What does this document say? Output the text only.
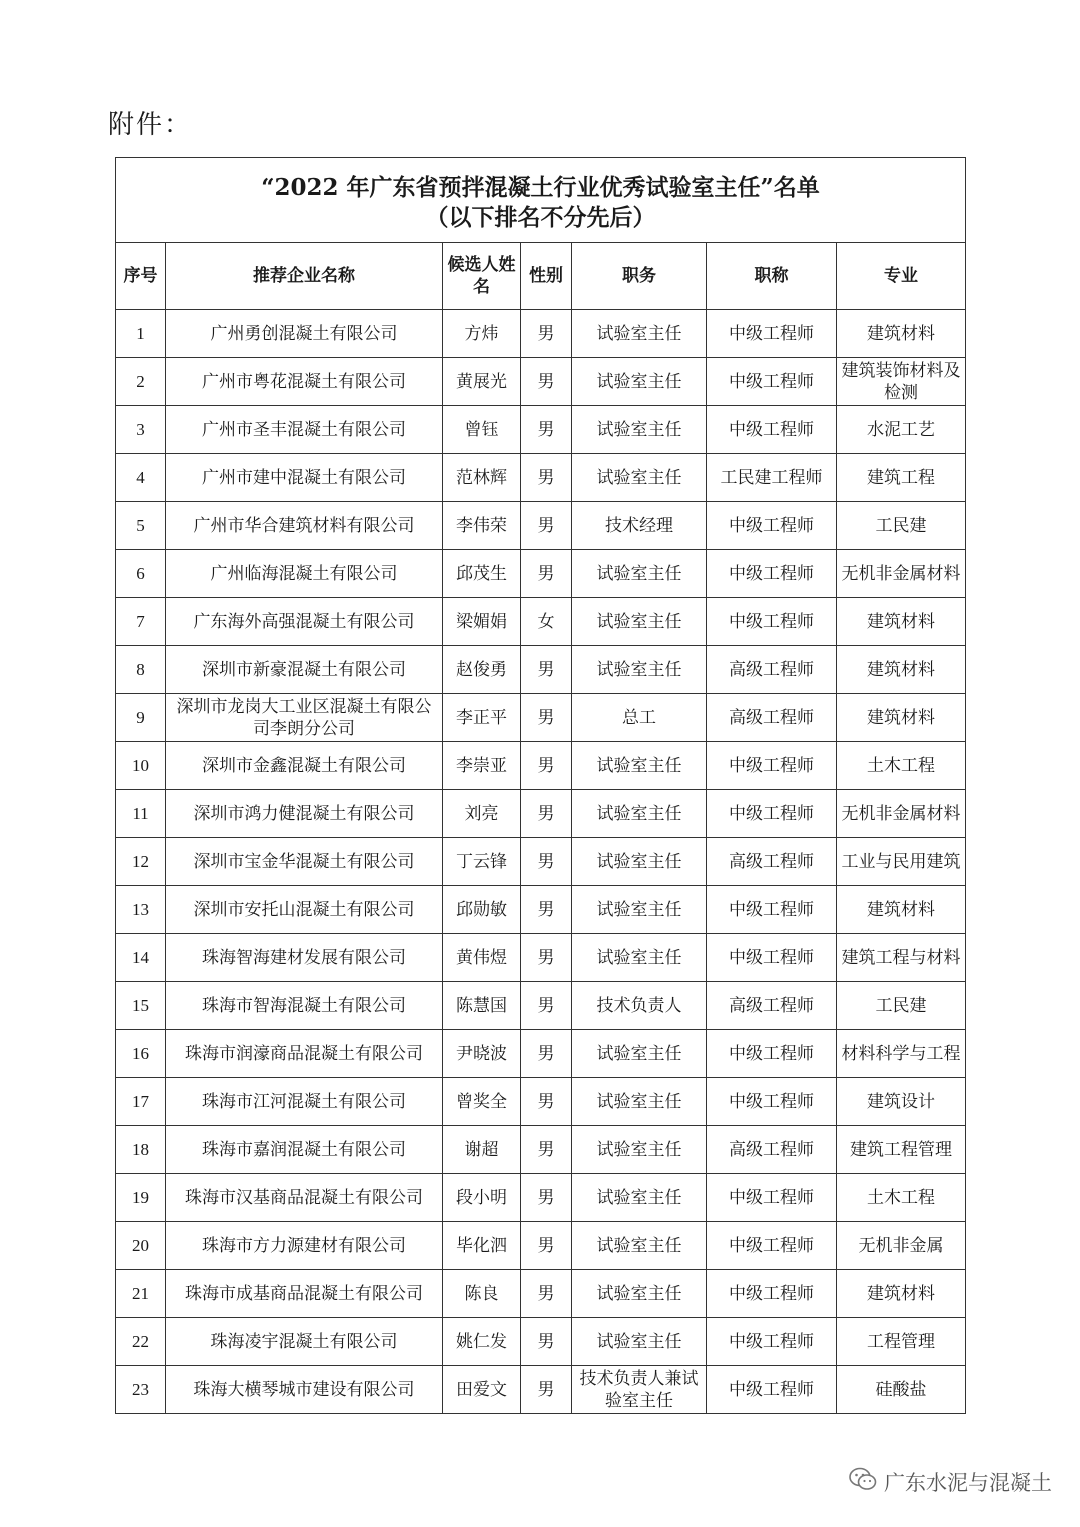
附件：
“2022 年广东省预拌混凝土行业优秀试验室主任”名单
（以下排名不分先后）						

序号	推荐企业名称	候选人姓名	性别	职务	职称	专业
1	广州勇创混凝土有限公司	方炜	男	试验室主任	中级工程师	建筑材料
2	广州市粤花混凝土有限公司	黄展光	男	试验室主任	中级工程师	建筑装饰材料及检测
3	广州市圣丰混凝土有限公司	曾钰	男	试验室主任	中级工程师	水泥工艺
4	广州市建中混凝土有限公司	范林辉	男	试验室主任	工民建工程师	建筑工程
5	广州市华合建筑材料有限公司	李伟荣	男	技术经理	中级工程师	工民建
6	广州临海混凝土有限公司	邱茂生	男	试验室主任	中级工程师	无机非金属材料
7	广东海外高强混凝土有限公司	梁媚娟	女	试验室主任	中级工程师	建筑材料
8	深圳市新豪混凝土有限公司	赵俊勇	男	试验室主任	高级工程师	建筑材料
9	深圳市龙岗大工业区混凝土有限公司李朗分公司	李正平	男	总工	高级工程师	建筑材料
10	深圳市金鑫混凝土有限公司	李崇亚	男	试验室主任	中级工程师	土木工程
11	深圳市鸿力健混凝土有限公司	刘亮	男	试验室主任	中级工程师	无机非金属材料
12	深圳市宝金华混凝土有限公司	丁云锋	男	试验室主任	高级工程师	工业与民用建筑
13	深圳市安托山混凝土有限公司	邱勋敏	男	试验室主任	中级工程师	建筑材料
14	珠海智海建材发展有限公司	黄伟煜	男	试验室主任	中级工程师	建筑工程与材料
15	珠海市智海混凝土有限公司	陈慧国	男	技术负责人	高级工程师	工民建
16	珠海市润濠商品混凝土有限公司	尹晓波	男	试验室主任	中级工程师	材料科学与工程
17	珠海市江河混凝土有限公司	曾奖全	男	试验室主任	中级工程师	建筑设计
18	珠海市嘉润混凝土有限公司	谢超	男	试验室主任	高级工程师	建筑工程管理
19	珠海市汉基商品混凝土有限公司	段小明	男	试验室主任	中级工程师	土木工程
20	珠海市方力源建材有限公司	毕化泗	男	试验室主任	中级工程师	无机非金属
21	珠海市成基商品混凝土有限公司	陈良	男	试验室主任	中级工程师	建筑材料
22	珠海凌宇混凝土有限公司	姚仁发	男	试验室主任	中级工程师	工程管理
23	珠海大横琴城市建设有限公司	田爱文	男	技术负责人兼试验室主任	中级工程师	硅酸盐
广东水泥与混凝土
